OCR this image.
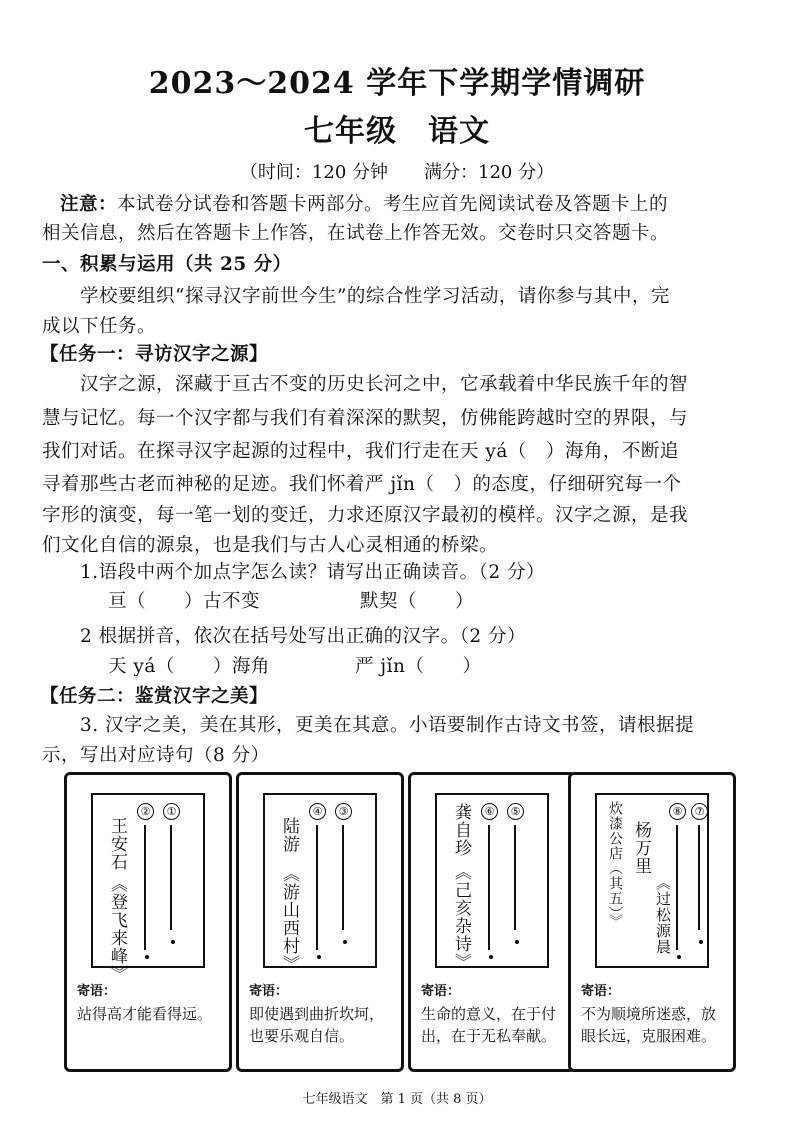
2023～2024 学年下学期学情调研
七年级　语文
（时间：120 分钟　　满分：120 分）
注意：本试卷分试卷和答题卡两部分。考生应首先阅读试卷及答题卡上的
相关信息，然后在答题卡上作答，在试卷上作答无效。交卷时只交答题卡。
一、积累与运用（共 25 分）
学校要组织“探寻汉字前世今生”的综合性学习活动，请你参与其中，完
成以下任务。
【任务一：寻访汉字之源】
汉字之源，深藏于亘古不变的历史长河之中，它承载着中华民族千年的智
慧与记忆。每一个汉字都与我们有着深深的默契，仿佛能跨越时空的界限，与
我们对话。在探寻汉字起源的过程中，我们行走在天 yá（　）海角，不断追
寻着那些古老而神秘的足迹。我们怀着严 jǐn（　）的态度，仔细研究每一个
字形的演变，每一笔一划的变迁，力求还原汉字最初的模样。汉字之源，是我
们文化自信的源泉，也是我们与古人心灵相通的桥梁。
1.语段中两个加点字怎么读？请写出正确读音。（2 分）
亘（　　）古不变	默契（　　）
2 根据拼音，依次在括号处写出正确的汉字。（2 分）
天 yá（　　）海角	严 jǐn（　　）
【任务二：鉴赏汉字之美】
3. 汉字之美，美在其形，更美在其意。小语要制作古诗文书签，请根据提
示，写出对应诗句（8 分）
王安石
《登飞来峰》
②	①
寄语：
站得高才能看得远。
陆游
《游山西村》
④	③
寄语：
即使遇到曲折坎坷，也要乐观自信。
龚自珍
《己亥杂诗》
⑥	⑤
寄语：
生命的意义，在于付出，在于无私奉献。
炊漆公店（其五）》 杨万里
《过松源晨
⑧	⑦
寄语：
不为顺境所迷惑，放眼长远，克服困难。
七年级语文　第 1 页（共 8 页）
